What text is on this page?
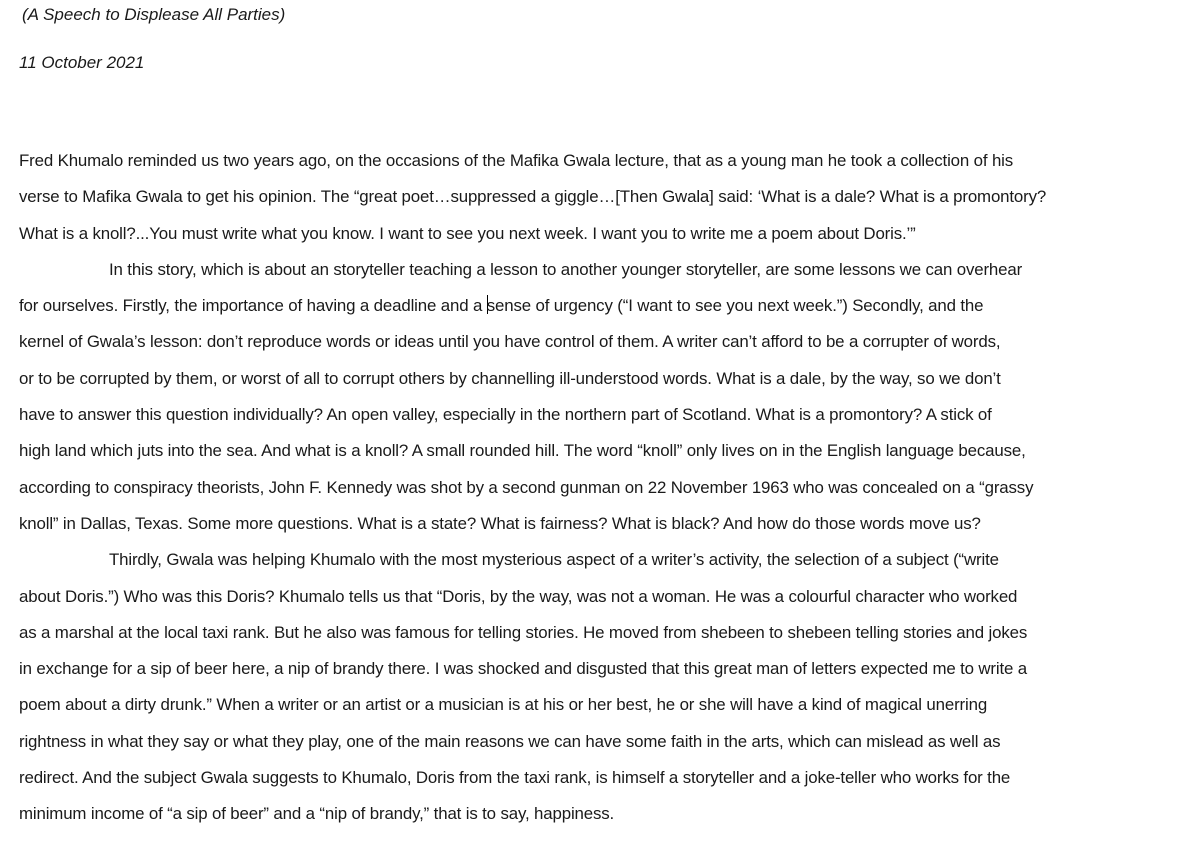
(A Speech to Displease All Parties)
11 October 2021
Fred Khumalo reminded us two years ago, on the occasions of the Mafika Gwala lecture, that as a young man he took a collection of his
verse to Mafika Gwala to get his opinion. The “great poet…suppressed a giggle…[Then Gwala] said: ‘What is a dale? What is a promontory?
What is a knoll?...You must write what you know. I want to see you next week. I want you to write me a poem about Doris.’”
In this story, which is about an storyteller teaching a lesson to another younger storyteller, are some lessons we can overhear
for ourselves. Firstly, the importance of having a deadline and a sense of urgency (“I want to see you next week.”) Secondly, and the
kernel of Gwala’s lesson: don’t reproduce words or ideas until you have control of them. A writer can’t afford to be a corrupter of words,
or to be corrupted by them, or worst of all to corrupt others by channelling ill-understood words. What is a dale, by the way, so we don’t
have to answer this question individually? An open valley, especially in the northern part of Scotland. What is a promontory? A stick of
high land which juts into the sea. And what is a knoll? A small rounded hill. The word “knoll” only lives on in the English language because,
according to conspiracy theorists, John F. Kennedy was shot by a second gunman on 22 November 1963 who was concealed on a “grassy
knoll” in Dallas, Texas. Some more questions. What is a state? What is fairness? What is black? And how do those words move us?
Thirdly, Gwala was helping Khumalo with the most mysterious aspect of a writer’s activity, the selection of a subject (“write
about Doris.”) Who was this Doris? Khumalo tells us that “Doris, by the way, was not a woman. He was a colourful character who worked
as a marshal at the local taxi rank. But he also was famous for telling stories. He moved from shebeen to shebeen telling stories and jokes
in exchange for a sip of beer here, a nip of brandy there. I was shocked and disgusted that this great man of letters expected me to write a
poem about a dirty drunk.” When a writer or an artist or a musician is at his or her best, he or she will have a kind of magical unerring
rightness in what they say or what they play, one of the main reasons we can have some faith in the arts, which can mislead as well as
redirect. And the subject Gwala suggests to Khumalo, Doris from the taxi rank, is himself a storyteller and a joke-teller who works for the
minimum income of “a sip of beer” and a “nip of brandy,” that is to say, happiness.
